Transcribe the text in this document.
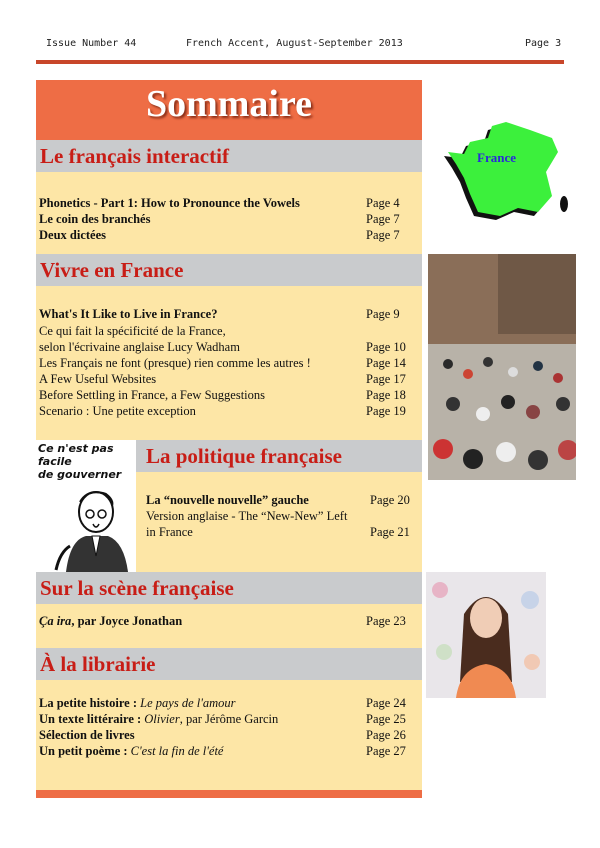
Issue Number 44	French Accent, August-September 2013	Page 3
Sommaire
Le français interactif
Phonetics - Part 1: How to Pronounce the Vowels	Page 4
Le coin des branchés	Page 7
Deux dictées	Page 7
Vivre en France
What's It Like to Live in France?	Page 9
Ce qui fait la spécificité de la France,
selon l'écrivaine anglaise Lucy Wadham	Page 10
Les Français ne font (presque) rien comme les autres !	Page 14
A Few Useful Websites	Page 17
Before Settling in France, a Few Suggestions	Page 18
Scenario : Une petite exception	Page 19
La politique française
La “nouvelle nouvelle” gauche	Page 20
Version anglaise - The “New-New” Left
in France	Page 21
Ce n'est pas facile
de gouverner
Sur la scène française
Ça ira, par Joyce Jonathan	Page 23
À la librairie
La petite histoire : Le pays de l'amour	Page 24
Un texte littéraire : Olivier, par Jérôme Garcin	Page 25
Sélection de livres	Page 26
Un petit poème : C'est la fin de l'été	Page 27
France
